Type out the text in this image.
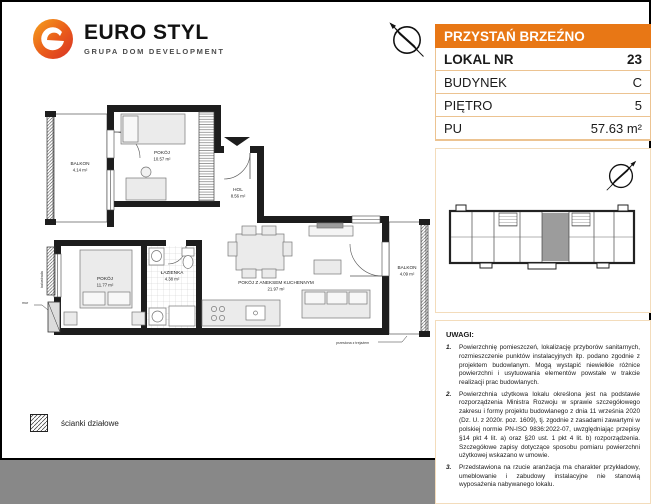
EURO STYL
GRUPA DOM DEVELOPMENT
PRZYSTAŃ BRZEŹNO
LOKAL NR	23
BUDYNEK	C
PIĘTRO	5
PU	57.63 m²
UWAGI:
1.	Powierzchnię pomieszczeń, lokalizację przyborów sanitarnych, rozmieszczenie punktów instalacyjnych itp. podano zgodnie z projektem budowlanym. Mogą wystąpić niewielkie różnice powierzchni i usytuowania elementów powstałe w trakcie realizacji prac budowlanych.
2.	Powierzchnia użytkowa lokalu określona jest na podstawie rozporządzenia Ministra Rozwoju w sprawie szczegółowego zakresu i formy projektu budowlanego z dnia 11 września 2020 (Dz. U. z 2020r. poz. 1609), tj. zgodnie z zasadami zawartymi w polskiej normie PN-ISO 9836:2022-07, uwzględniając przepisy §14 pkt 4 lit. a) oraz §20 ust. 1 pkt 4 lit. b) rozporządzenia. Szczegółowe zapisy dotyczące sposobu pomiaru powierzchni użytkowej wskazano w umowie.
3.	Przedstawiona na rzucie aranżacja ma charakter przykładowy, umeblowanie i zabudowy instalacyjne nie stanowią wyposażenia nabywanego lokalu.
BALKON
4.14 m²
BALKON
4.09 m²
balustrada
mur
przesłona z trejażem
POKÓJ
10.57 m²
HOL
8.56 m²
ŁAZIENKA
4.38 m²
POKÓJ
11.77 m²	POKÓJ Z ANEKSEM KUCHENNYM
21.97 m²
ścianki działowe
